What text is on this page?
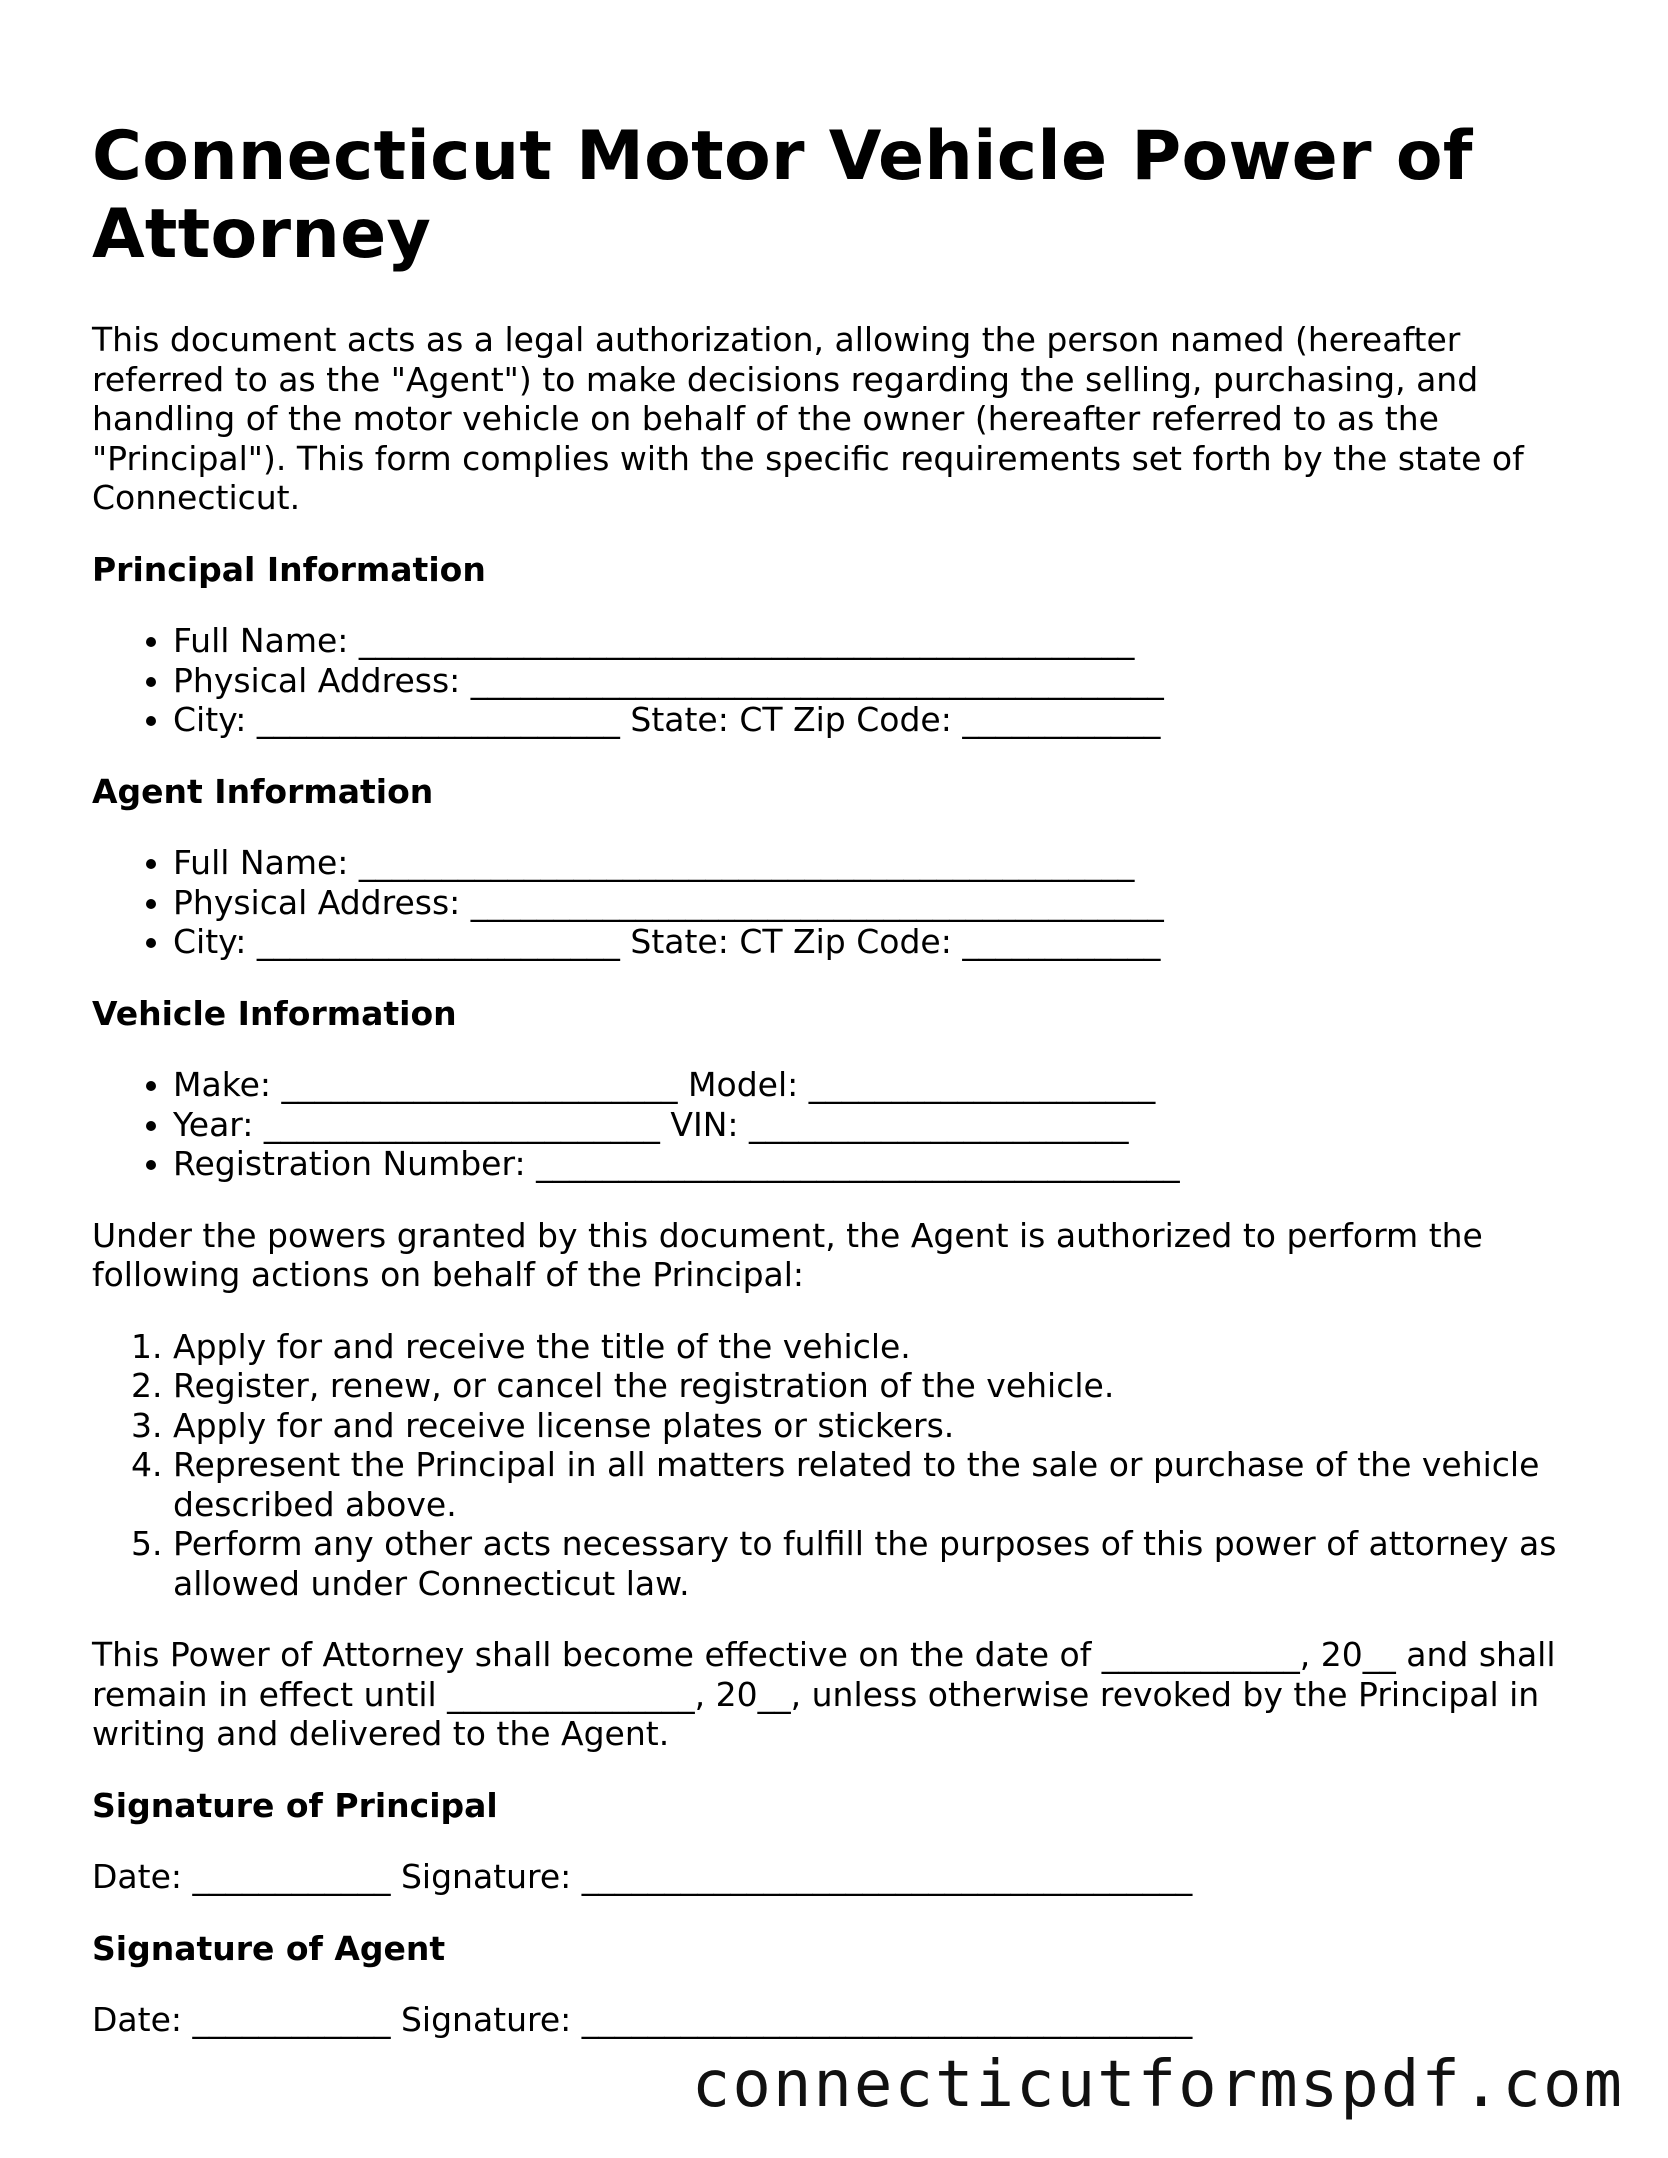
Connecticut Motor Vehicle Power of Attorney

This document acts as a legal authorization, allowing the person named (hereafter referred to as the "Agent") to make decisions regarding the selling, purchasing, and handling of the motor vehicle on behalf of the owner (hereafter referred to as the "Principal"). This form complies with the specific requirements set forth by the state of Connecticut.

Principal Information
• Full Name: _______________________________________________
• Physical Address: __________________________________________
• City: ______________________ State: CT Zip Code: ____________
Agent Information
• Full Name: _______________________________________________
• Physical Address: __________________________________________
• City: ______________________ State: CT Zip Code: ____________
Vehicle Information
• Make: ________________________ Model: _____________________
• Year: ________________________ VIN: _______________________
• Registration Number: _______________________________________

Under the powers granted by this document, the Agent is authorized to perform the following actions on behalf of the Principal:

1. Apply for and receive the title of the vehicle.
2. Register, renew, or cancel the registration of the vehicle.
3. Apply for and receive license plates or stickers.
4. Represent the Principal in all matters related to the sale or purchase of the vehicle described above.
5. Perform any other acts necessary to fulfill the purposes of this power of attorney as allowed under Connecticut law.

This Power of Attorney shall become effective on the date of ____________, 20__ and shall remain in effect until _______________, 20__, unless otherwise revoked by the Principal in writing and delivered to the Agent.

Signature of Principal
Date: ____________ Signature: _____________________________________
Signature of Agent
Date: ____________ Signature: _____________________________________
connecticutformspdf.com
